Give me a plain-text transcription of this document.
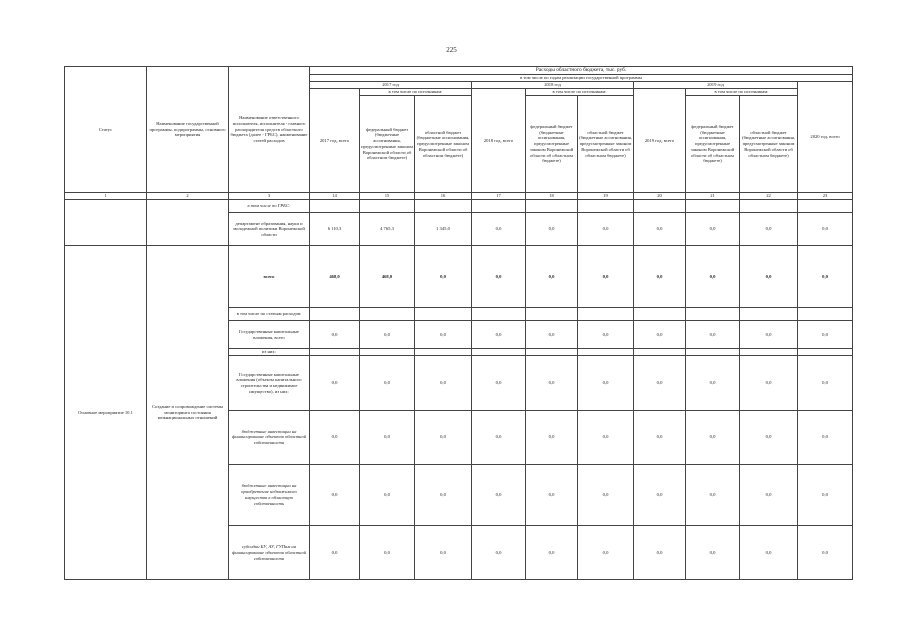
225
Статус	Наименование государственной программы, подпрограммы, основного мероприятия	Наименование ответственного исполнителя, исполнителя - главного распорядителя средств областного бюджета (далее - ГРБС), наименование статей расходов	Расходы областного бюджета, тыс. руб.									
			в том числе по годам реализации государственной программы									
			2017 год			2018 год			2019 год			2020 год, всего
			2017 год, всего	в том числе по источникам:		2018 год, всего	в том числе по источникам:		2019 год, всего	в том числе по источникам:		
				федеральный бюджет (бюджетные ассигнования, предусмотренные законом Воронежской области об областном бюджете)	областной бюджет (бюджетные ассигнования, предусмотренные законом Воронежской области об областном бюджете)		федеральный бюджет (бюджетные ассигнования, предусмотренные законом Воронежской области об областном бюджете)	областной бюджет (бюджетные ассигнования, предусмотренные законом Воронежской области об областном бюджете)		федеральный бюджет (бюджетные ассигнования, предусмотренные законом Воронежской области об областном бюджете)	областной бюджет (бюджетные ассигнования, предусмотренные законом Воронежской области об областном бюджете)	
1	2	3	14	15	16	17	18	19	20	21	22	23
		в том числе по ГРБС:										
		департамент образования, науки и молодежной политики Воронежской области	6 110,3	4 765,3	1 345,0	0,0	0,0	0,0	0,0	0,0	0,0	0,0
Основное мероприятие 10.1	Создание и сопровождение системы мониторинга состояния межнациональных отношений	всего	468,0	468,0	0,0	0,0	0,0	0,0	0,0	0,0	0,0	0,0
		в том числе по статьям расходов:										
		Государственные капитальные вложения, всего	0,0	0,0	0,0	0,0	0,0	0,0	0,0	0,0	0,0	0,0
		из них:										
		Государственные капитальные вложения (объекты капитального строительства и недвижимое имущество), из них:	0,0	0,0	0,0	0,0	0,0	0,0	0,0	0,0	0,0	0,0
		бюджетные инвестиции на финансирование объектов областной собственности	0,0	0,0	0,0	0,0	0,0	0,0	0,0	0,0	0,0	0,0
		бюджетные инвестиции на приобретение недвижимого имущества в областную собственность	0,0	0,0	0,0	0,0	0,0	0,0	0,0	0,0	0,0	0,0
		субсидии БУ, АУ, ГУПам на финансирование объектов областной собственности	0,0	0,0	0,0	0,0	0,0	0,0	0,0	0,0	0,0	0,0
